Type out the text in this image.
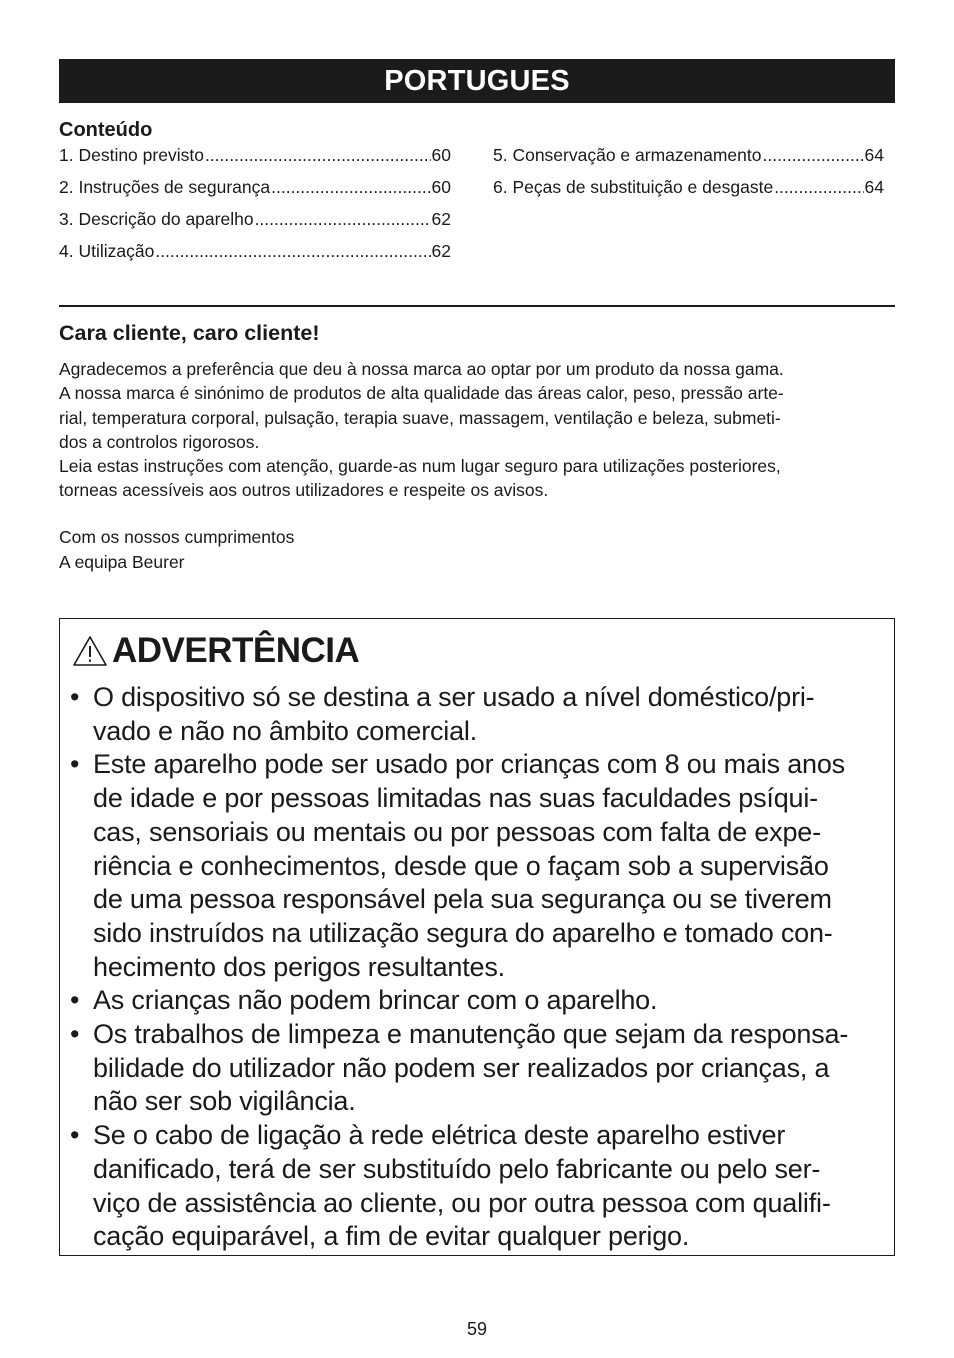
PORTUGUES
Conteúdo
1. Destino previsto .....	60
2. Instruções de segurança .....	60
3. Descrição do aparelho .....	62
4. Utilização .....	62
5. Conservação e armazenamento .....	64
6. Peças de substituição e desgaste .....	64
Cara cliente, caro cliente!

Agradecemos a preferência que deu à nossa marca ao optar por um produto da nossa gama.

A nossa marca é sinónimo de produtos de alta qualidade das áreas calor, peso, pressão arte-

rial, temperatura corporal, pulsação, terapia suave, massagem, ventilação e beleza, submeti-

dos a controlos rigorosos.

Leia estas instruções com atenção, guarde-as num lugar seguro para utilizações posteriores,

torneas acessíveis aos outros utilizadores e respeite os avisos.

Com os nossos cumprimentos

A equipa Beurer

ADVERTÊNCIA
• O dispositivo só se destina a ser usado a nível doméstico/pri-
vado e não no âmbito comercial.
• Este aparelho pode ser usado por crianças com 8 ou mais anos
de idade e por pessoas limitadas nas suas faculdades psíqui-
cas, sensoriais ou mentais ou por pessoas com falta de expe-
riência e conhecimentos, desde que o façam sob a supervisão
de uma pessoa responsável pela sua segurança ou se tiverem
sido instruídos na utilização segura do aparelho e tomado con-
hecimento dos perigos resultantes.
• As crianças não podem brincar com o aparelho.
• Os trabalhos de limpeza e manutenção que sejam da responsa-
bilidade do utilizador não podem ser realizados por crianças, a
não ser sob vigilância.
• Se o cabo de ligação à rede elétrica deste aparelho estiver
danificado, terá de ser substituído pelo fabricante ou pelo ser-
viço de assistência ao cliente, ou por outra pessoa com qualifi-
cação equiparável, a fim de evitar qualquer perigo.
59
